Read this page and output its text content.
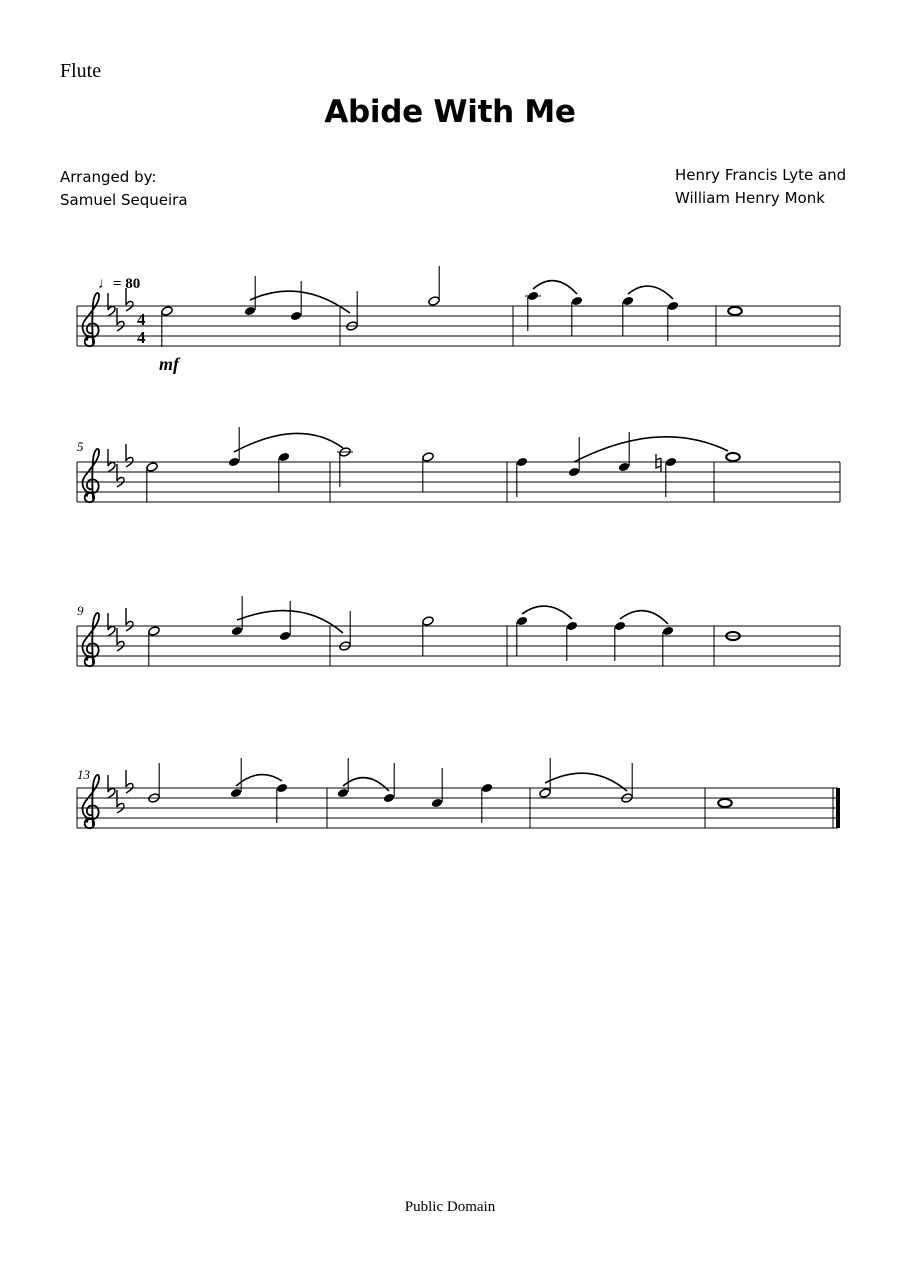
Flute
Abide With Me
Arranged by:
Samuel Sequeira
Henry Francis Lyte and
William Henry Monk
4
4
mf
5
9
13
♩= 80
Public Domain
